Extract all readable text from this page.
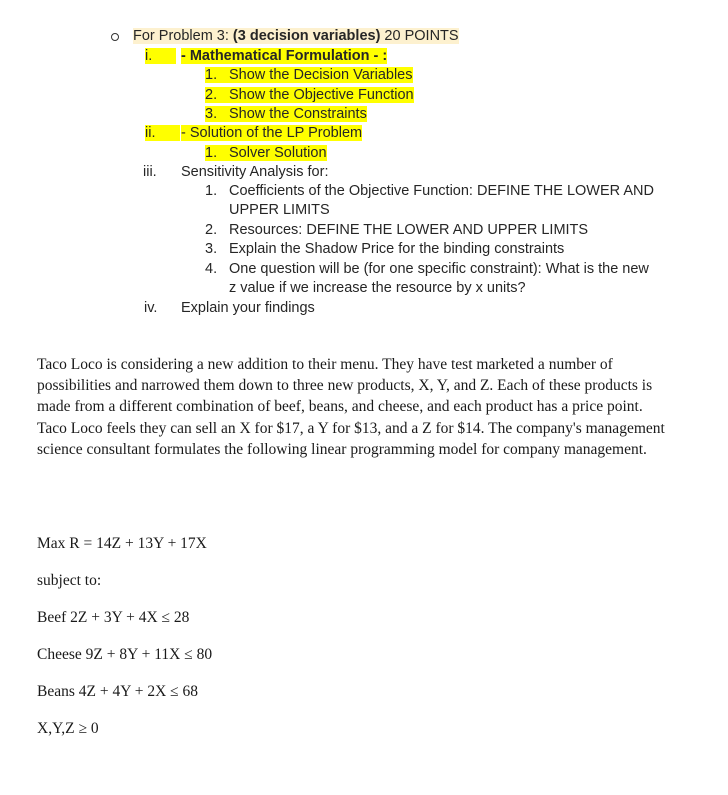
For Problem 3: (3 decision variables) 20 POINTS
i.	- Mathematical Formulation - :
1. Show the Decision Variables
2. Show the Objective Function
3. Show the Constraints
ii.	- Solution of the LP Problem
1. Solver Solution
iii. Sensitivity Analysis for:
1. Coefficients of the Objective Function: DEFINE THE LOWER AND
UPPER LIMITS
2. Resources: DEFINE THE LOWER AND UPPER LIMITS
3. Explain the Shadow Price for the binding constraints
4. One question will be (for one specific constraint): What is the new
z value if we increase the resource by x units?
iv. Explain your findings
Taco Loco is considering a new addition to their menu. They have test marketed a number of possibilities and narrowed them down to three new products, X, Y, and Z. Each of these products is made from a different combination of beef, beans, and cheese, and each product has a price point. Taco Loco feels they can sell an X for $17, a Y for $13, and a Z for $14. The company's management science consultant formulates the following linear programming model for company management.
Max R = 14Z + 13Y + 17X
subject to:
Beef 2Z + 3Y + 4X ≤ 28
Cheese 9Z + 8Y + 11X ≤ 80
Beans 4Z + 4Y + 2X ≤ 68
X,Y,Z ≥ 0
